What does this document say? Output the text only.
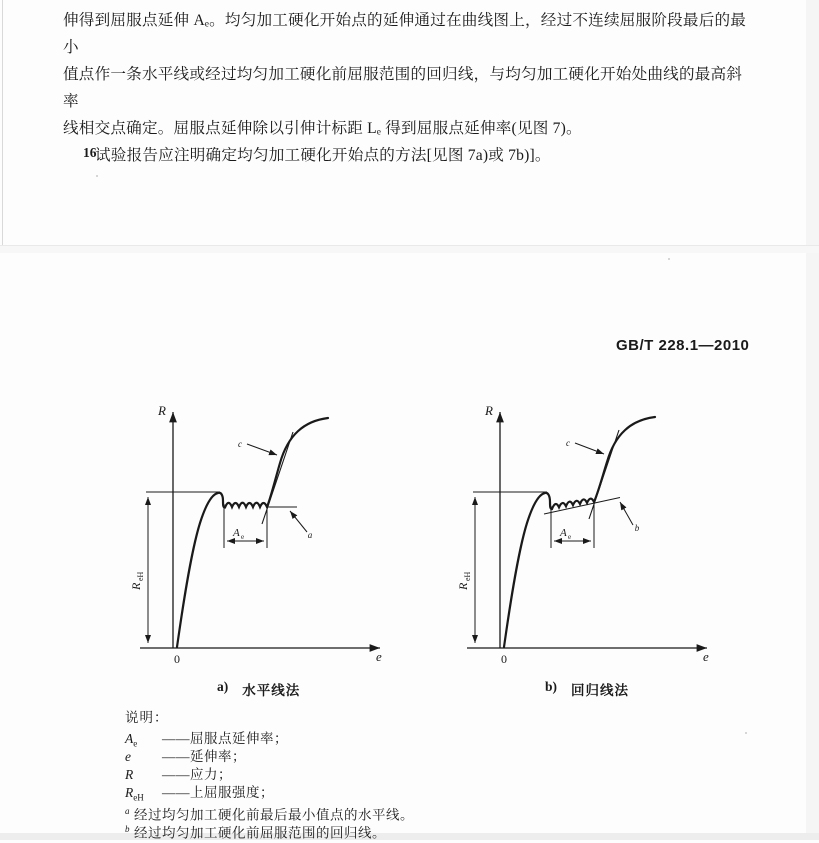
伸得到屈服点延伸 Aₑ。均匀加工硬化开始点的延伸通过在曲线图上，经过不连续屈服阶段最后的最小
值点作一条水平线或经过均匀加工硬化前屈服范围的回归线，与均匀加工硬化开始处曲线的最高斜率
线相交点确定。屈服点延伸除以引伸计标距 Lₑ 得到屈服点延伸率(见图 7)。
试验报告应注明确定均匀加工硬化开始点的方法[见图 7a)或 7b)]。
16
GB/T 228.1—2010
R
e
0
R
eH
A e
c
a
R
e
0
R
eH
A e
c
b
a) 水平线法	b) 回归线法
说明：
$A_e$	——屈服点延伸率；
e	——延伸率；
R	——应力；
$R_{eH}$	——上屈服强度；
$^a$ 经过均匀加工硬化前最后最小值点的水平线。
$^b$ 经过均匀加工硬化前屈服范围的回归线。
